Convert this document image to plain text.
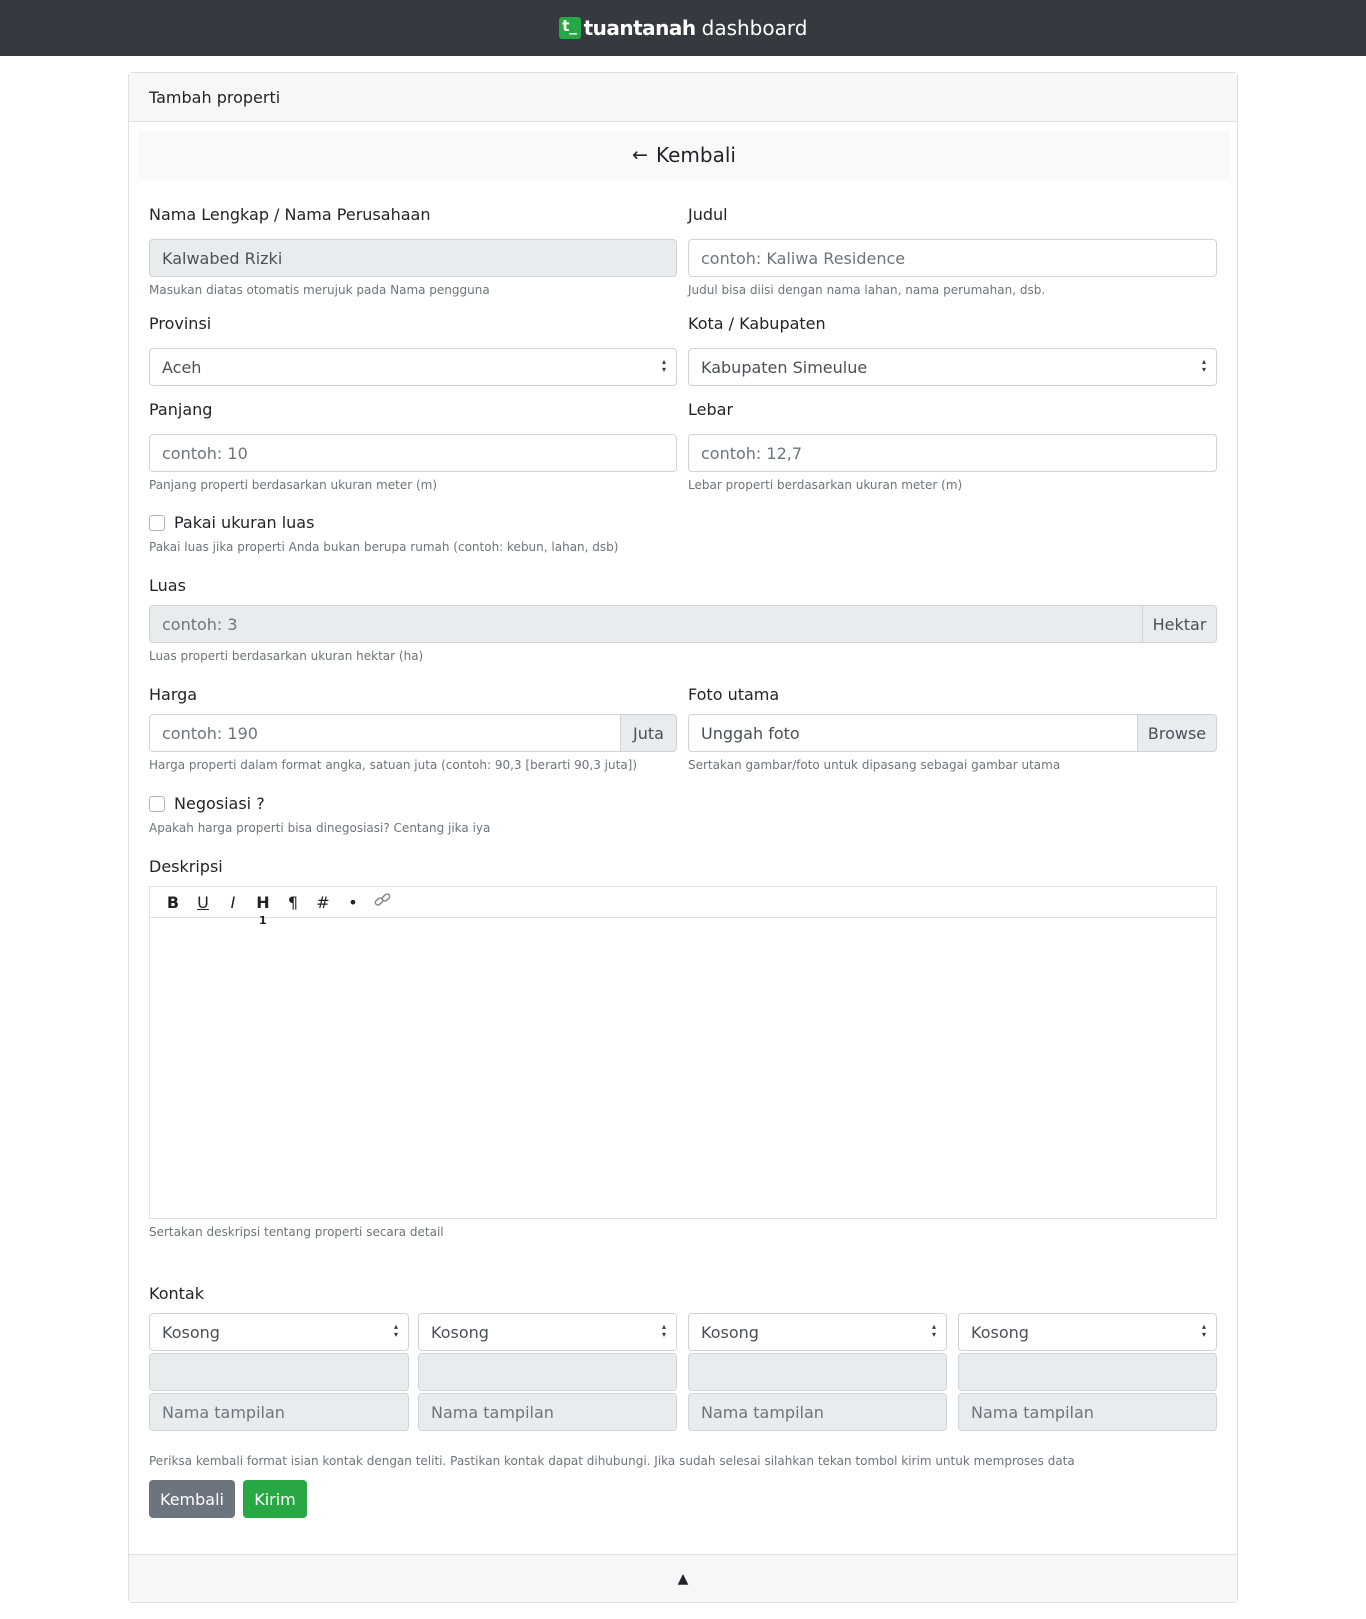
t_ tuantanah dashboard
Tambah properti
← Kembali
Nama Lengkap / Nama Perusahaan
Kalwabed Rizki
Masukan diatas otomatis merujuk pada Nama pengguna
Judul
contoh: Kaliwa Residence
Judul bisa diisi dengan nama lahan, nama perumahan, dsb.
Provinsi
Aceh
▴ ▾
Kota / Kabupaten
Kabupaten Simeulue
▴ ▾
Panjang
contoh: 10
Panjang properti berdasarkan ukuran meter (m)
Lebar
contoh: 12,7
Lebar properti berdasarkan ukuran meter (m)
Pakai ukuran luas
Pakai luas jika properti Anda bukan berupa rumah (contoh: kebun, lahan, dsb)
Luas
contoh: 3	Hektar
Luas properti berdasarkan ukuran hektar (ha)
Harga
contoh: 190	Juta
Harga properti dalam format angka, satuan juta (contoh: 90,3 [berarti 90,3 juta])
Foto utama
Unggah foto	Browse
Sertakan gambar/foto untuk dipasang sebagai gambar utama
Negosiasi ?
Apakah harga properti bisa dinegosiasi? Centang jika iya
Deskripsi
B	U	I	H
1
¶	#	•
Sertakan deskripsi tentang properti secara detail
Kontak
Kosong
▴ ▾
Nama tampilan
Kosong
▴ ▾
Nama tampilan
Kosong
▴ ▾
Nama tampilan
Kosong
▴ ▾
Nama tampilan
Periksa kembali format isian kontak dengan teliti. Pastikan kontak dapat dihubungi. Jika sudah selesai silahkan tekan tombol kirim untuk memproses data
Kembali	Kirim
▲
